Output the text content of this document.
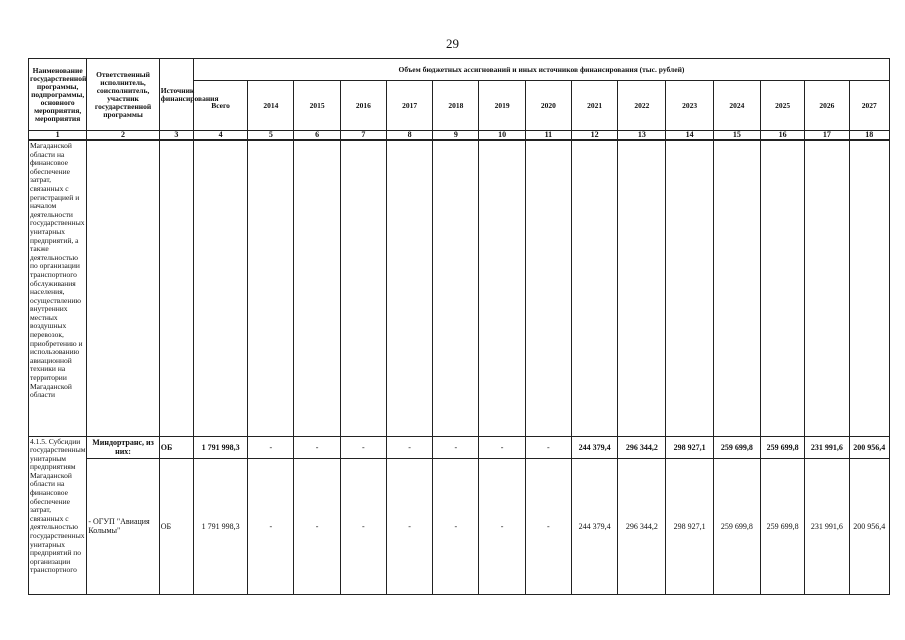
29
Наименование государственной программы, подпрограммы, основного мероприятия, мероприятия	Ответственный исполнитель, соисполнитель, участник государственной программы	Источник финансирования	Объем бюджетных ассигнований и иных источников финансирования (тыс. рублей)														
			Всего	2014	2015	2016	2017	2018	2019	2020	2021	2022	2023	2024	2025	2026	2027
1	2	3	4	5	6	7	8	9	10	11	12	13	14	15	16	17	18
Магаданской области на финансовое обеспечение затрат, связанных с регистрацией и началом деятельности государственных унитарных предприятий, а также деятельностью по организации транспортного обслуживания населения, осуществлению внутренних местных воздушных перевозок, приобретению и использованию авиационной техники на территории Магаданской области																	
4.1.5. Субсидии государственным унитарным предприятиям Магаданской области на финансовое обеспечение затрат, связанных с деятельностью государственных унитарных предприятий по организации транспортного	Миндортранс, из них:	ОБ	1 791 998,3	-	-	-	-	-	-	-	244 379,4	296 344,2	298 927,1	259 699,8	259 699,8	231 991,6	200 956,4
	- ОГУП "Авиация Колымы"	ОБ	1 791 998,3	-	-	-	-	-	-	-	244 379,4	296 344,2	298 927,1	259 699,8	259 699,8	231 991,6	200 956,4
